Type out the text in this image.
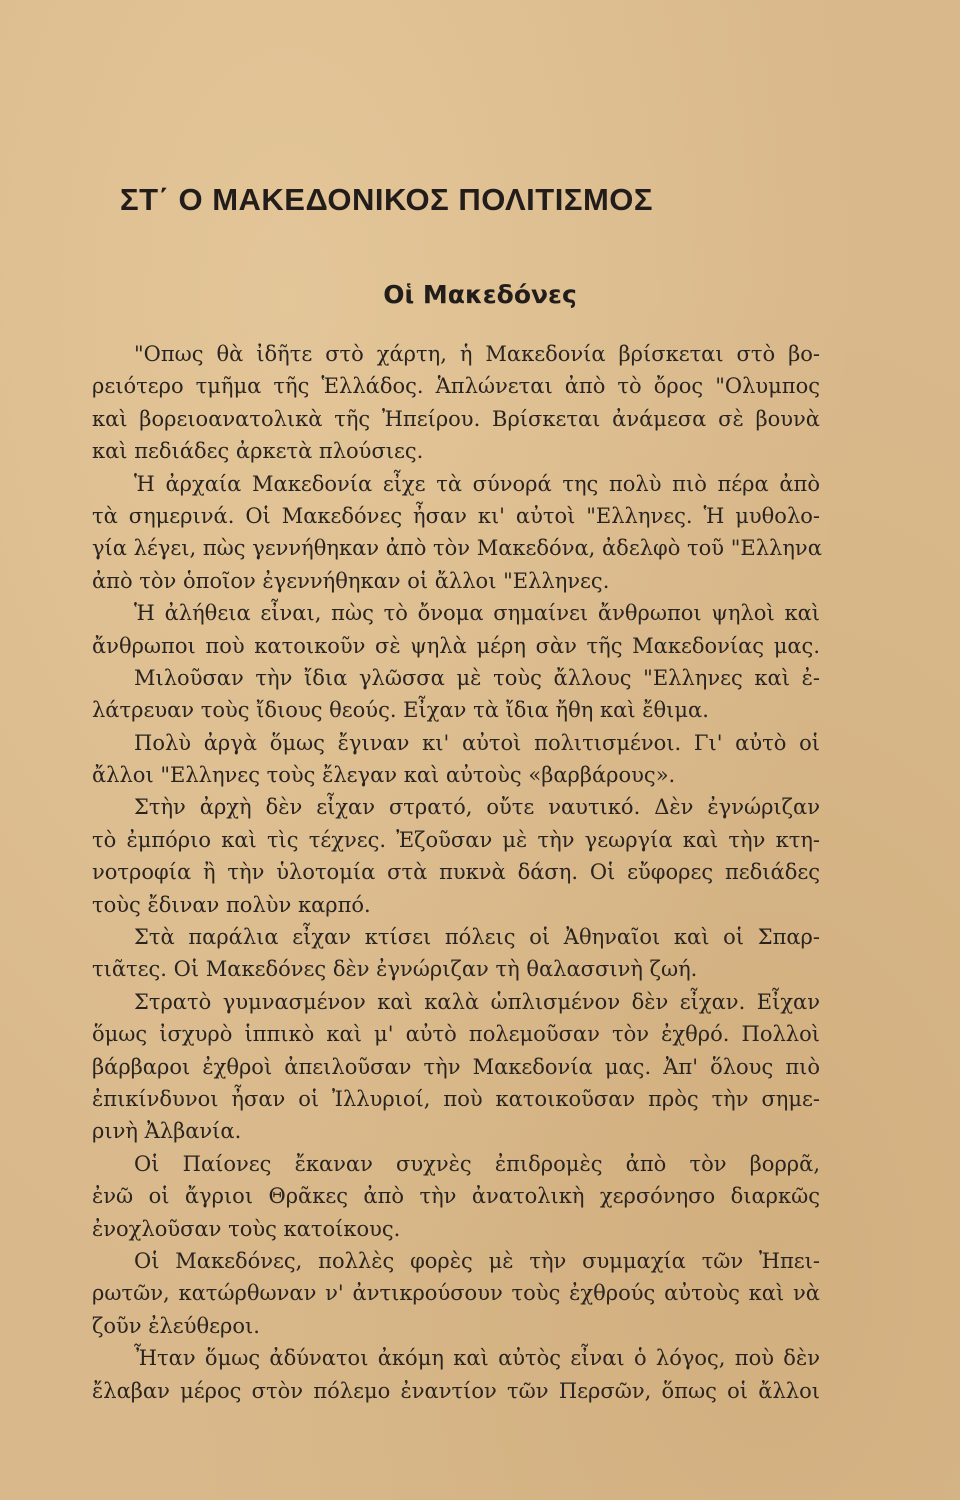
ΣΤ΄ Ο ΜΑΚΕΔΟΝΙΚΟΣ ΠΟΛΙΤΙΣΜΟΣ
Οἱ Μακεδόνες
"Οπως θὰ ἰδῆτε στὸ χάρτη, ἡ Μακεδονία βρίσκεται στὸ βο-
ρειότερο τμῆμα τῆς Ἑλλάδος. Ἁπλώνεται ἀπὸ τὸ ὄρος "Ολυμπος
καὶ βορειοανατολικὰ τῆς Ἠπείρου. Βρίσκεται ἀνάμεσα σὲ βουνὰ
καὶ πεδιάδες ἀρκετὰ πλούσιες.
Ἡ ἀρχαία Μακεδονία εἶχε τὰ σύνορά της πολὺ πιὸ πέρα ἀπὸ
τὰ σημερινά. Οἱ Μακεδόνες ἦσαν κι' αὐτοὶ "Ελληνες. Ἡ μυθολο-
γία λέγει, πὼς γεννήθηκαν ἀπὸ τὸν Μακεδόνα, ἀδελφὸ τοῦ "Ελληνα
ἀπὸ τὸν ὁποῖον ἐγεννήθηκαν οἱ ἄλλοι "Ελληνες.
Ἡ ἀλήθεια εἶναι, πὼς τὸ ὄνομα σημαίνει ἄνθρωποι ψηλοὶ καὶ
ἄνθρωποι ποὺ κατοικοῦν σὲ ψηλὰ μέρη σὰν τῆς Μακεδονίας μας.
Μιλοῦσαν τὴν ἴδια γλῶσσα μὲ τοὺς ἄλλους "Ελληνες καὶ ἐ-
λάτρευαν τοὺς ἴδιους θεούς. Εἶχαν τὰ ἴδια ἤθη καὶ ἔθιμα.
Πολὺ ἀργὰ ὅμως ἔγιναν κι' αὐτοὶ πολιτισμένοι. Γι' αὐτὸ οἱ
ἄλλοι "Ελληνες τοὺς ἔλεγαν καὶ αὐτοὺς «βαρβάρους».
Στὴν ἀρχὴ δὲν εἶχαν στρατό, οὔτε ναυτικό. Δὲν ἐγνώριζαν
τὸ ἐμπόριο καὶ τὶς τέχνες. Ἐζοῦσαν μὲ τὴν γεωργία καὶ τὴν κτη-
νοτροφία ἢ τὴν ὑλοτομία στὰ πυκνὰ δάση. Οἱ εὔφορες πεδιάδες
τοὺς ἔδιναν πολὺν καρπό.
Στὰ παράλια εἶχαν κτίσει πόλεις οἱ Ἀθηναῖοι καὶ οἱ Σπαρ-
τιᾶτες. Οἱ Μακεδόνες δὲν ἐγνώριζαν τὴ θαλασσινὴ ζωή.
Στρατὸ γυμνασμένον καὶ καλὰ ὡπλισμένον δὲν εἶχαν. Εἶχαν
ὅμως ἰσχυρὸ ἱππικὸ καὶ μ' αὐτὸ πολεμοῦσαν τὸν ἐχθρό. Πολλοὶ
βάρβαροι ἐχθροὶ ἀπειλοῦσαν τὴν Μακεδονία μας. Ἀπ' ὅλους πιὸ
ἐπικίνδυνοι ἦσαν οἱ Ἰλλυριοί, ποὺ κατοικοῦσαν πρὸς τὴν σημε-
ρινὴ Ἀλβανία.
Οἱ Παίονες ἔκαναν συχνὲς ἐπιδρομὲς ἀπὸ τὸν βορρᾶ,
ἐνῶ οἱ ἄγριοι Θρᾶκες ἀπὸ τὴν ἀνατολικὴ χερσόνησο διαρκῶς
ἐνοχλοῦσαν τοὺς κατοίκους.
Οἱ Μακεδόνες, πολλὲς φορὲς μὲ τὴν συμμαχία τῶν Ἠπει-
ρωτῶν, κατώρθωναν ν' ἀντικρούσουν τοὺς ἐχθρούς αὐτοὺς καὶ νὰ
ζοῦν ἐλεύθεροι.
Ἦταν ὅμως ἀδύνατοι ἀκόμη καὶ αὐτὸς εἶναι ὁ λόγος, ποὺ δὲν
ἔλαβαν μέρος στὸν πόλεμο ἐναντίον τῶν Περσῶν, ὅπως οἱ ἄλλοι
